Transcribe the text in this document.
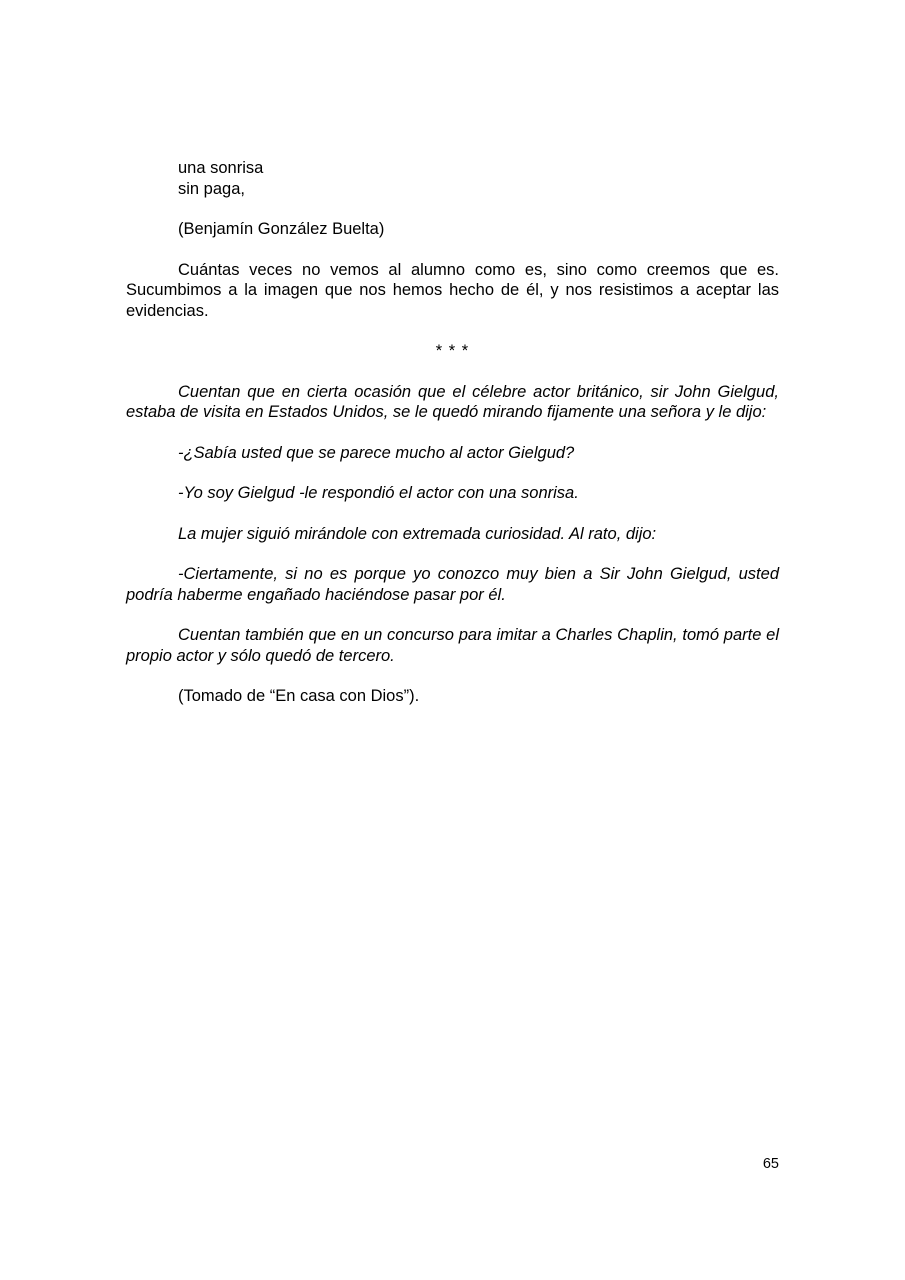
una sonrisa

sin paga,

(Benjamín González Buelta)

Cuántas veces no vemos al alumno como es, sino como creemos que es. Sucumbimos a la imagen que nos hemos hecho de él, y nos resistimos a aceptar las evidencias.

* * *

Cuentan que en cierta ocasión que el célebre actor británico, sir John Gielgud, estaba de visita en Estados Unidos, se le quedó mirando fijamente una señora y le dijo:

-¿Sabía usted que se parece mucho al actor Gielgud?

-Yo soy Gielgud -le respondió el actor con una sonrisa.

La mujer siguió mirándole con extremada curiosidad. Al rato, dijo:

-Ciertamente, si no es porque yo conozco muy bien a Sir John Gielgud, usted podría haberme engañado haciéndose pasar por él.

Cuentan también que en un concurso para imitar a Charles Chaplin, tomó parte el propio actor y sólo quedó de tercero.

(Tomado de “En casa con Dios”).

65
